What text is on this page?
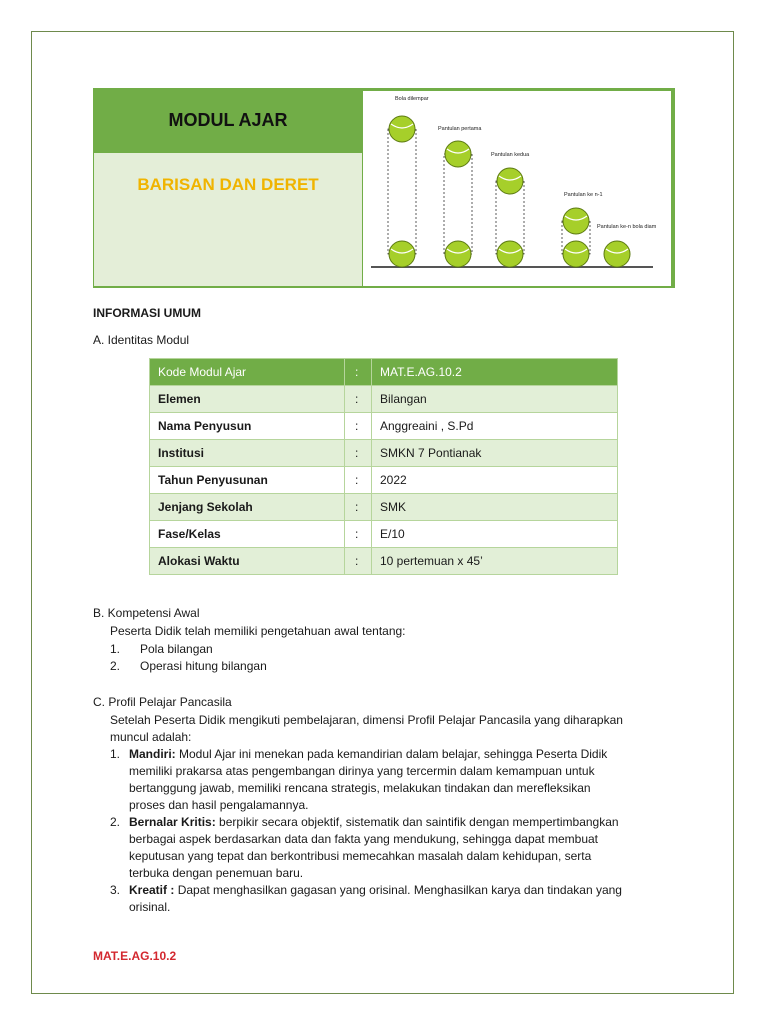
MODUL AJAR
BARISAN DAN DERET
Bola dilempar
Pantulan pertama
Pantulan kedua
Pantulan ke n-1
Pantulan ke-n bola diam
INFORMASI UMUM
A. Identitas Modul
Kode Modul Ajar	:	MAT.E.AG.10.2
Elemen	:	Bilangan
Nama Penyusun	:	Anggreaini , S.Pd
Institusi	:	SMKN 7 Pontianak
Tahun Penyusunan	:	2022
Jenjang Sekolah	:	SMK
Fase/Kelas	:	E/10
Alokasi Waktu	:	10 pertemuan x 45’
B. Kompetensi Awal
Peserta Didik telah memiliki pengetahuan awal tentang:
1. Pola bilangan
2. Operasi hitung bilangan
C. Profil Pelajar Pancasila
Setelah Peserta Didik mengikuti pembelajaran, dimensi Profil Pelajar Pancasila yang diharapkan
muncul adalah:
1. Mandiri: Modul Ajar ini menekan pada kemandirian dalam belajar, sehingga Peserta Didik
memiliki prakarsa atas pengembangan dirinya yang tercermin dalam kemampuan untuk
bertanggung jawab, memiliki rencana strategis, melakukan tindakan dan merefleksikan
proses dan hasil pengalamannya.
2. Bernalar Kritis: berpikir secara objektif, sistematik dan saintifik dengan mempertimbangkan
berbagai aspek berdasarkan data dan fakta yang mendukung, sehingga dapat membuat
keputusan yang tepat dan berkontribusi memecahkan masalah dalam kehidupan, serta
terbuka dengan penemuan baru.
3. Kreatif : Dapat menghasilkan gagasan yang orisinal. Menghasilkan karya dan tindakan yang
orisinal.
MAT.E.AG.10.2
